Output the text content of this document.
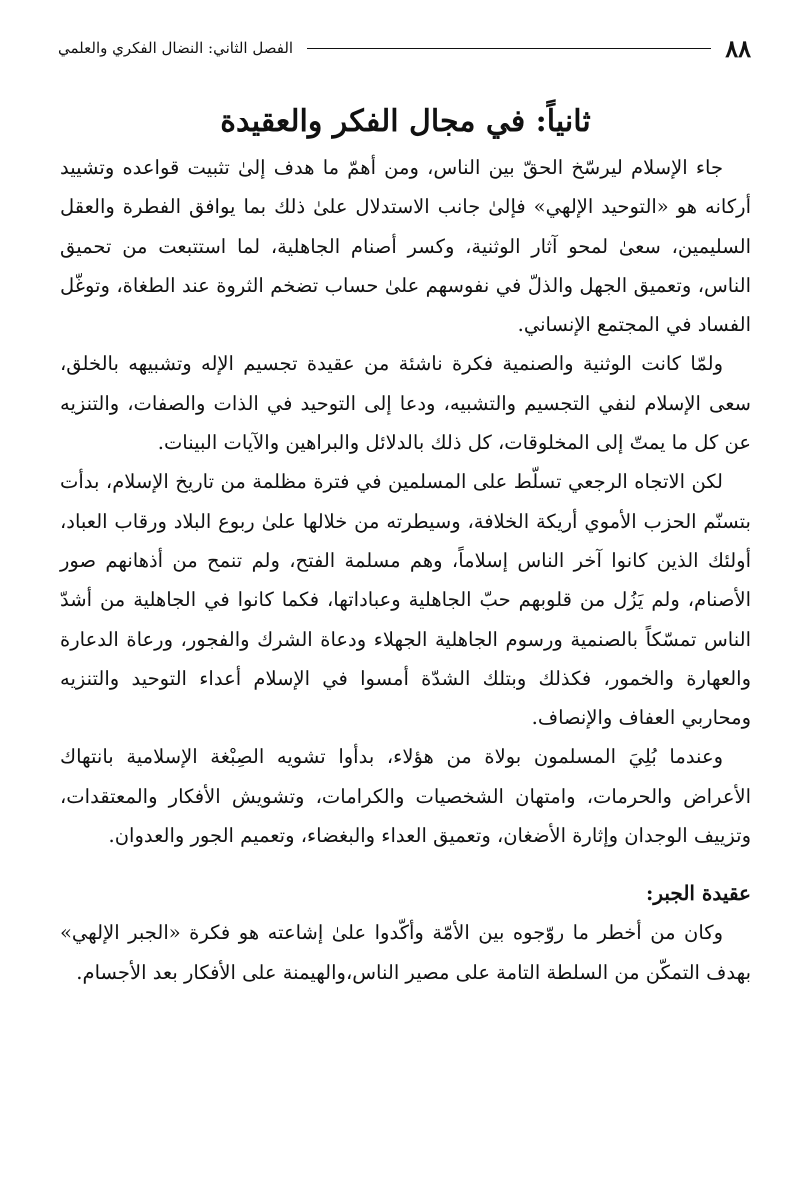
٨٨
الفصل الثاني: النضال الفكري والعلمي
ثانياً: في مجال الفكر والعقيدة

جاء الإسلام ليرسّخ الحقّ بين الناس، ومن أهمّ ما هدف إلىٰ تثبيت قواعده وتشييد أركانه هو «التوحيد الإلهي» فإلىٰ جانب الاستدلال علىٰ ذلك بما يوافق الفطرة والعقل السليمين، سعىٰ لمحو آثار الوثنية، وكسر أصنام الجاهلية، لما استتبعت من تحميق الناس، وتعميق الجهل والذلّ في نفوسهم علىٰ حساب تضخم الثروة عند الطغاة، وتوغّل الفساد في المجتمع الإنساني.

ولمّا كانت الوثنية والصنمية فكرة ناشئة من عقيدة تجسيم الإله وتشبيهه بالخلق، سعى الإسلام لنفي التجسيم والتشبيه، ودعا إلى التوحيد في الذات والصفات، والتنزيه عن كل ما يمتّ إلى المخلوقات، كل ذلك بالدلائل والبراهين والآيات البينات.

لكن الاتجاه الرجعي تسلّط على المسلمين في فترة مظلمة من تاريخ الإسلام، بدأت بتسنّم الحزب الأموي أريكة الخلافة، وسيطرته من خلالها علىٰ ربوع البلاد ورقاب العباد، أولئك الذين كانوا آخر الناس إسلاماً، وهم مسلمة الفتح، ولم تنمح من أذهانهم صور الأصنام، ولم يَزُل من قلوبهم حبّ الجاهلية وعباداتها، فكما كانوا في الجاهلية من أشدّ الناس تمسّكاً بالصنمية ورسوم الجاهلية الجهلاء ودعاة الشرك والفجور، ورعاة الدعارة والعهارة والخمور، فكذلك وبتلك الشدّة أمسوا في الإسلام أعداء التوحيد والتنزيه ومحاربي العفاف والإنصاف.

وعندما بُلِيَ المسلمون بولاة من هؤلاء، بدأوا تشويه الصِبْغة الإسلامية بانتهاك الأعراض والحرمات، وامتهان الشخصيات والكرامات، وتشويش الأفكار والمعتقدات، وتزييف الوجدان وإثارة الأضغان، وتعميق العداء والبغضاء، وتعميم الجور والعدوان.

عقيدة الجبر:

وكان من أخطر ما روّجوه بين الأمّة وأكّدوا علىٰ إشاعته هو فكرة «الجبر الإلهي» بهدف التمكّن من السلطة التامة على مصير الناس،والهيمنة على الأفكار بعد الأجسام.
